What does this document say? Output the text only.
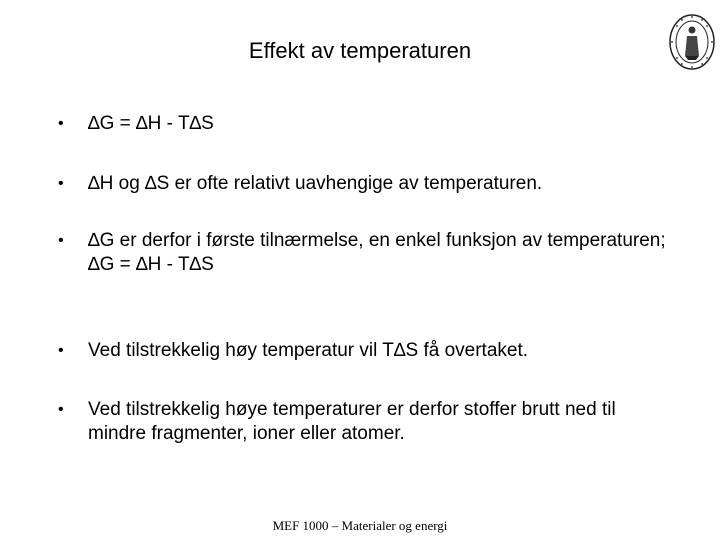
Effekt av temperaturen
•	∆G = ∆H - T∆S
•	∆H og ∆S er ofte relativt uavhengige av temperaturen.
•	∆G er derfor i første tilnærmelse, en enkel funksjon av temperaturen; ∆G = ∆H - T∆S
•	Ved tilstrekkelig høy temperatur vil T∆S få overtaket.
•	Ved tilstrekkelig høye temperaturer er derfor stoffer brutt ned til mindre fragmenter, ioner eller atomer.
MEF 1000 – Materialer og energi
